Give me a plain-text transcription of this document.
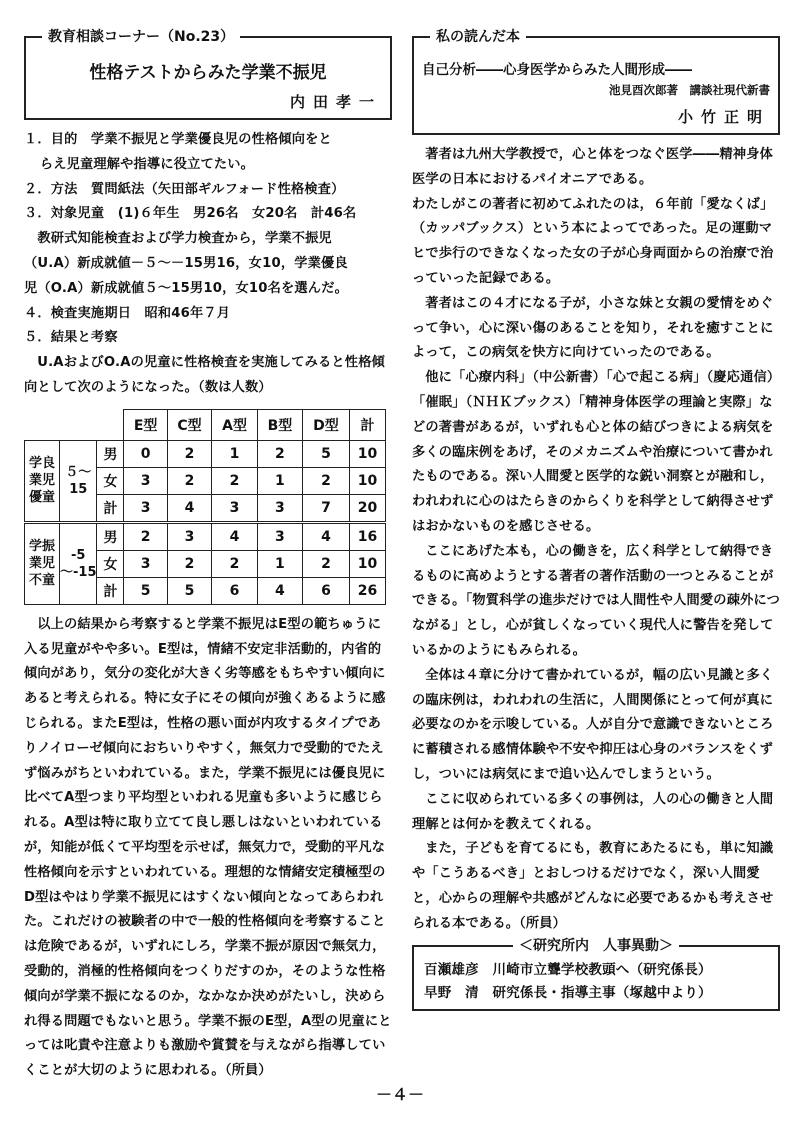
教育相談コーナー（No.23）
性格テストからみた学業不振児
内田孝一

１．目的　学業不振児と学業優良児の性格傾向をと

らえ児童理解や指導に役立てたい。

２．方法　質問紙法（矢田部ギルフォード性格検査）

３．対象児童　(1)６年生　男26名　女20名　計46名

　教研式知能検査および学力検査から，学業不振児

（U.A）新成就値－５～－15男16，女10，学業優良

児（O.A）新成就値５～15男10，女10名を選んだ。

４．検査実施期日　昭和46年７月

５．結果と考察

U.AおよびO.Aの児童に性格検査を実施してみると性格傾向として次のようになった。（数は人数）

			E型	C型	A型	B型	D型	計
学良業児優童	５～15	男	0	2	1	2	5	10
		女	3	2	2	1	2	10
		計	3	4	3	3	7	20
学振業児不童	-5～-15	男	2	3	4	3	4	16
		女	3	2	2	1	2	10
		計	5	5	6	4	6	26

以上の結果から考察すると学業不振児はE型の範ちゅうに入る児童がやや多い。E型は，情緒不安定非活動的，内省的傾向があり，気分の変化が大きく劣等感をもちやすい傾向にあると考えられる。特に女子にその傾向が強くあるように感じられる。またE型は，性格の悪い面が内攻するタイプでありノイローゼ傾向におちいりやすく，無気力で受動的でたえず悩みがちといわれている。また，学業不振児には優良児に比べてA型つまり平均型といわれる児童も多いように感じられる。A型は特に取り立てて良し悪しはないといわれているが，知能が低くて平均型を示せば，無気力で，受動的平凡な性格傾向を示すといわれている。理想的な情緒安定積極型のD型はやはり学業不振児にはすくない傾向となってあらわれた。これだけの被験者の中で一般的性格傾向を考察することは危険であるが，いずれにしろ，学業不振が原因で無気力，受動的，消極的性格傾向をつくりだすのか，そのような性格傾向が学業不振になるのか，なかなか決めがたいし，決められ得る問題でもないと思う。学業不振のE型，A型の児童にとっては叱責や注意よりも激励や賞賛を与えながら指導していくことが大切のように思われる。（所員）

私の読んだ本
自己分析――心身医学からみた人間形成――
池見酉次郎著　講談社現代新書
小竹正明

著者は九州大学教授で，心と体をつなぐ医学――精神身体医学の日本におけるパイオニアである。

わたしがこの著者に初めてふれたのは，６年前「愛なくば」（カッパブックス）という本によってであった。足の運動マヒで歩行のできなくなった女の子が心身両面からの治療で治っていった記録である。

著者はこの４才になる子が，小さな妹と女親の愛情をめぐって争い，心に深い傷のあることを知り，それを癒すことによって，この病気を快方に向けていったのである。

他に「心療内科」（中公新書）「心で起こる病」（慶応通信）「催眠」（ＮＨＫブックス）「精神身体医学の理論と実際」などの著書があるが，いずれも心と体の結びつきによる病気を多くの臨床例をあげ，そのメカニズムや治療について書かれたものである。深い人間愛と医学的な鋭い洞察とが融和し，われわれに心のはたらきのからくりを科学として納得させずはおかないものを感じさせる。

ここにあげた本も，心の働きを，広く科学として納得できるものに高めようとする著者の著作活動の一つとみることができる。「物質科学の進歩だけでは人間性や人間愛の疎外につながる」とし，心が貧しくなっていく現代人に警告を発しているかのようにもみられる。

全体は４章に分けて書かれているが，幅の広い見識と多くの臨床例は，われわれの生活に，人間関係にとって何が真に必要なのかを示唆している。人が自分で意識できないところに蓄積される感情体験や不安や抑圧は心身のバランスをくずし，ついには病気にまで追い込んでしまうという。

ここに収められている多くの事例は，人の心の働きと人間理解とは何かを教えてくれる。

また，子どもを育てるにも，教育にあたるにも，単に知識や「こうあるべき」とおしつけるだけでなく，深い人間愛と，心からの理解や共感がどんなに必要であるかも考えさせられる本である。（所員）

＜研究所内　人事異動＞

百瀬雄彦　川崎市立聾学校教頭へ（研究係長）

早野　清　研究係長・指導主事（塚越中より）

－４－
